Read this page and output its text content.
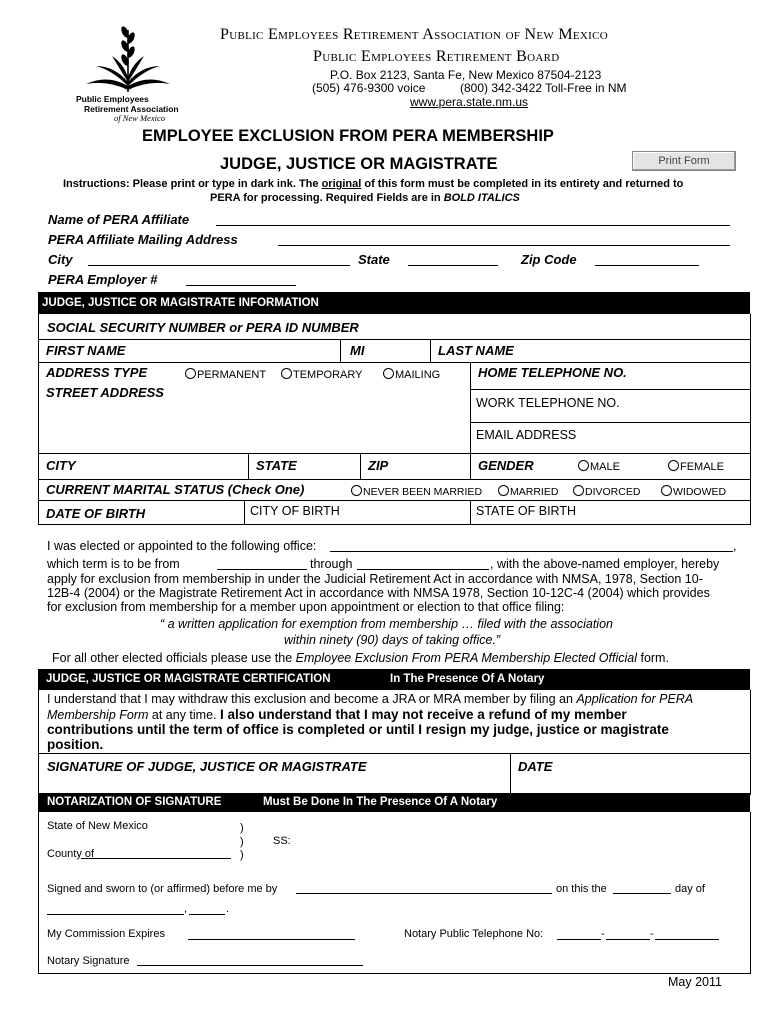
Public Employees
Retirement Association
of New Mexico
Public Employees Retirement Association of New Mexico
Public Employees Retirement Board
P.O. Box 2123, Santa Fe, New Mexico 87504-2123
(505) 476-9300 voice	(800) 342-3422 Toll-Free in NM
www.pera.state.nm.us
EMPLOYEE EXCLUSION FROM PERA MEMBERSHIP
JUDGE, JUSTICE OR MAGISTRATE	Print Form
Instructions: Please print or type in dark ink. The original of this form must be completed in its entirety and returned to
PERA for processing. Required Fields are in BOLD ITALICS
Name of PERA Affiliate
PERA Affiliate Mailing Address
City	State	Zip Code
PERA Employer #
JUDGE, JUSTICE OR MAGISTRATE INFORMATION
SOCIAL SECURITY NUMBER or PERA ID NUMBER
FIRST NAME	MI	LAST NAME
ADDRESS TYPE	PERMANENT	TEMPORARY	MAILING
STREET ADDRESS
HOME TELEPHONE NO.
WORK TELEPHONE NO.
EMAIL ADDRESS
CITY	STATE	ZIP	GENDER	MALE	FEMALE
CURRENT MARITAL STATUS (Check One)	NEVER BEEN MARRIED	MARRIED	DIVORCED	WIDOWED
DATE OF BIRTH	CITY OF BIRTH	STATE OF BIRTH
I was elected or appointed to the following office:	,
which term is to be from	through	, with the above-named employer, hereby
apply for exclusion from membership in under the Judicial Retirement Act in accordance with NMSA, 1978, Section 10-
12B-4 (2004) or the Magistrate Retirement Act in accordance with NMSA 1978, Section 10-12C-4 (2004) which provides
for exclusion from membership for a member upon appointment or election to that office filing:
“ a written application for exemption from membership … filed with the association
within ninety (90) days of taking office.”
For all other elected officials please use the Employee Exclusion From PERA Membership Elected Official form.
JUDGE, JUSTICE OR MAGISTRATE CERTIFICATION	In The Presence Of A Notary
I understand that I may withdraw this exclusion and become a JRA or MRA member by filing an Application for PERA
Membership Form at any time. I also understand that I may not receive a refund of my member
contributions until the term of office is completed or until I resign my judge, justice or magistrate
position.
SIGNATURE OF JUDGE, JUSTICE OR MAGISTRATE	DATE
NOTARIZATION OF SIGNATURE	Must Be Done In The Presence Of A Notary
State of New Mexico	)
)	SS:
County of	)
Signed and sworn to (or affirmed) before me by	on this the	day of
,	.
My Commission Expires	Notary Public Telephone No:	-	-
Notary Signature
May 2011
